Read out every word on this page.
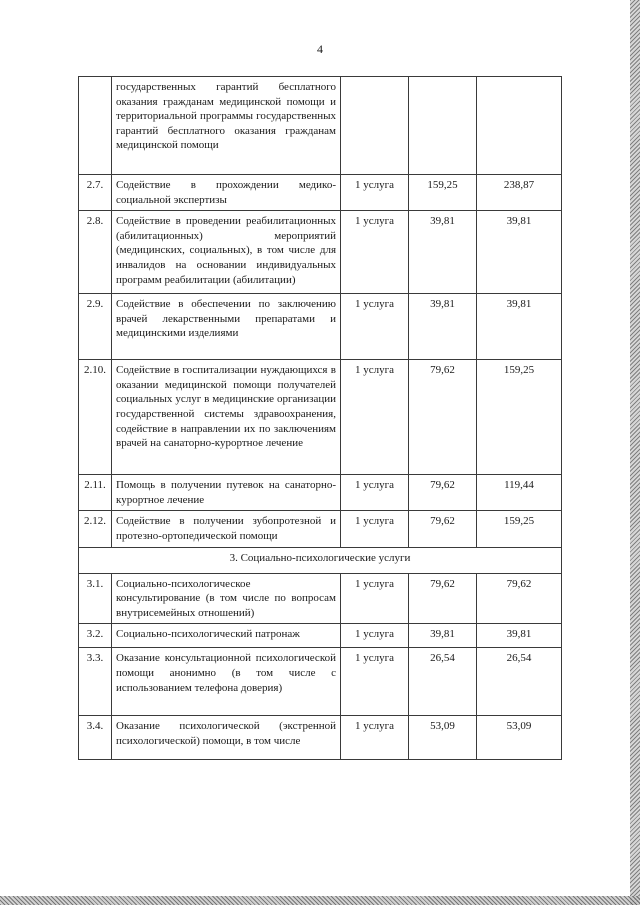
4
	государственных гарантий бесплатного оказания гражданам медицинской помощи и территориальной программы государственных гарантий бесплатного оказания гражданам медицинской помощи			
2.7.	Содействие в прохождении медико-социальной экспертизы	1 услуга	159,25	238,87
2.8.	Содействие в проведении реабилитационных (абилитационных) мероприятий (медицинских, социальных), в том числе для инвалидов на основании индивидуальных программ реабилитации (абилитации)	1 услуга	39,81	39,81
2.9.	Содействие в обеспечении по заключению врачей лекарственными препаратами и медицинскими изделиями	1 услуга	39,81	39,81
2.10.	Содействие в госпитализации нуждающихся в оказании медицинской помощи получателей социальных услуг в медицинские организации государственной системы здравоохранения, содействие в направлении их по заключениям врачей на санаторно-курортное лечение	1 услуга	79,62	159,25
2.11.	Помощь в получении путевок на санаторно-курортное лечение	1 услуга	79,62	119,44
2.12.	Содействие в получении зубопротезной и протезно-ортопедической помощи	1 услуга	79,62	159,25
3. Социально-психологические услуги				
3.1.	Социально-психологическое консультирование (в том числе по вопросам внутрисемейных отношений)	1 услуга	79,62	79,62
3.2.	Социально-психологический патронаж	1 услуга	39,81	39,81
3.3.	Оказание консультационной психологической помощи анонимно (в том числе с использованием телефона доверия)	1 услуга	26,54	26,54
3.4.	Оказание психологической (экстренной психологической) помощи, в том числе	1 услуга	53,09	53,09
